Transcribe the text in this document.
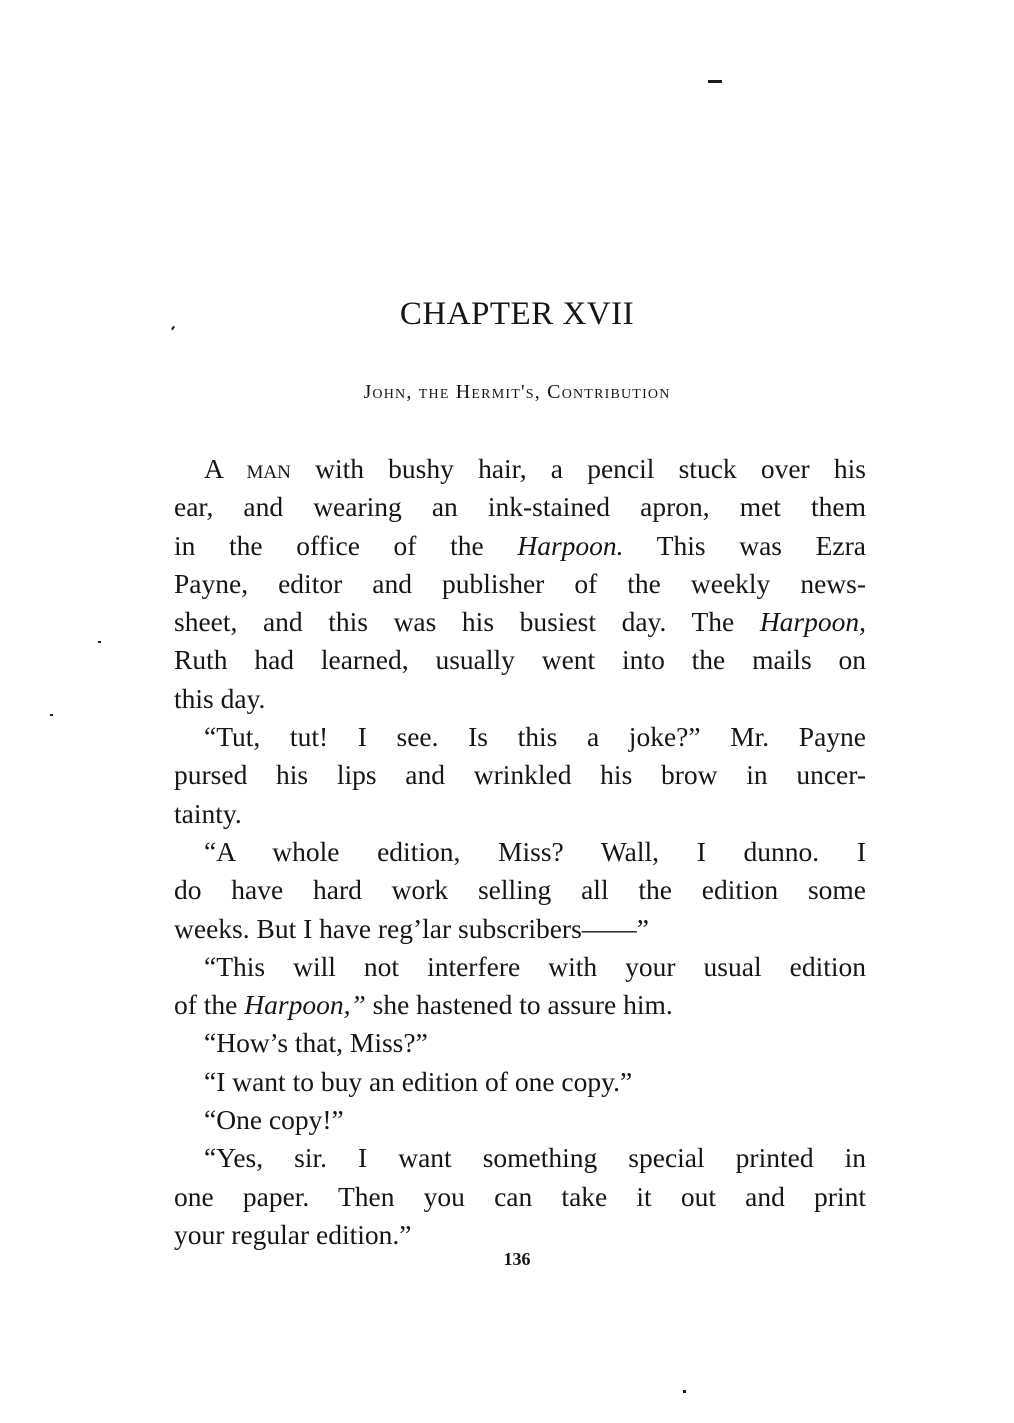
CHAPTER XVII
John, the Hermit's, Contribution
A man with bushy hair, a pencil stuck over his
ear, and wearing an ink-stained apron, met them
in the office of the Harpoon. This was Ezra
Payne, editor and publisher of the weekly news-
sheet, and this was his busiest day. The Harpoon,
Ruth had learned, usually went into the mails on
this day.
“Tut, tut! I see. Is this a joke?” Mr. Payne
pursed his lips and wrinkled his brow in uncer-
tainty.
“A whole edition, Miss? Wall, I dunno. I
do have hard work selling all the edition some
weeks. But I have reg’lar subscribers——”
“This will not interfere with your usual edition
of the Harpoon,” she hastened to assure him.
“How’s that, Miss?”
“I want to buy an edition of one copy.”
“One copy!”
“Yes, sir. I want something special printed in
one paper. Then you can take it out and print
your regular edition.”
136
